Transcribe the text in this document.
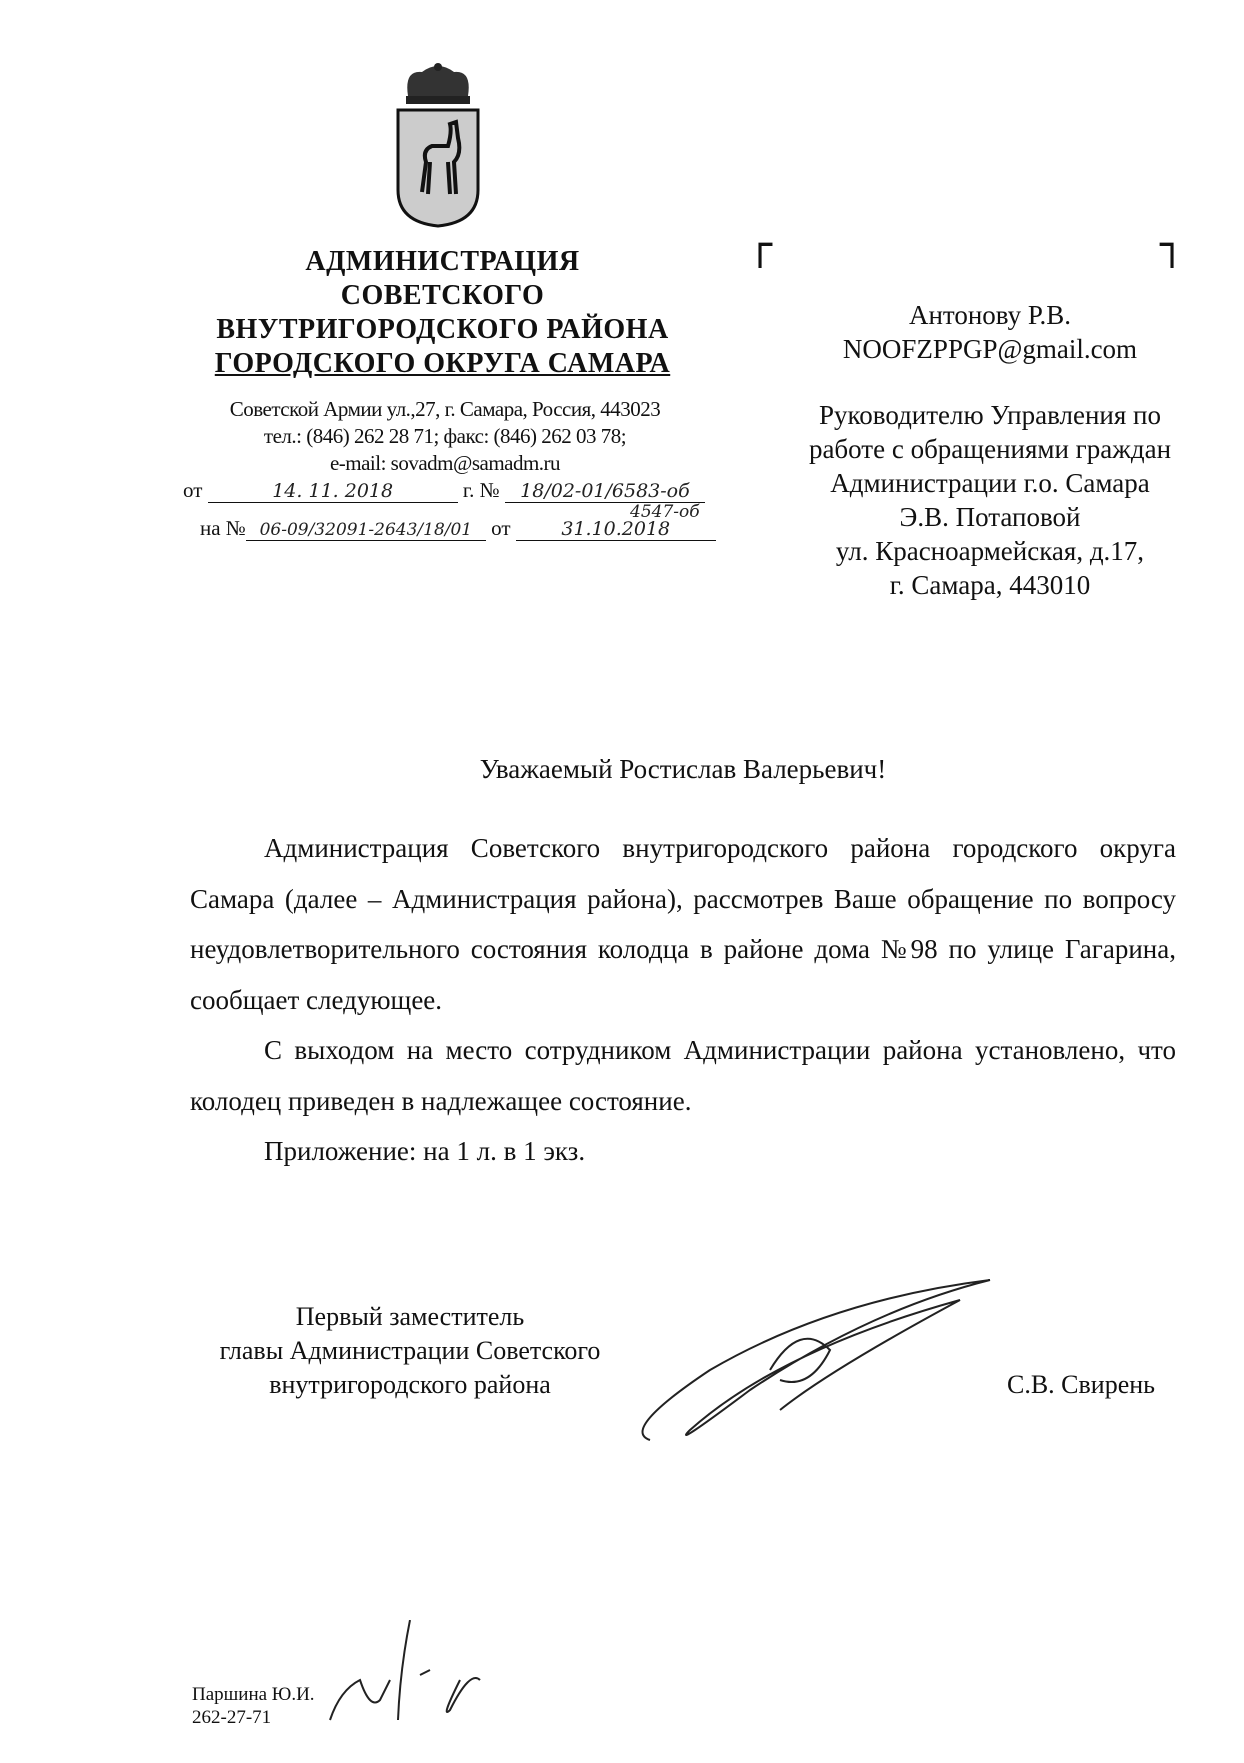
АДМИНИСТРАЦИЯ
СОВЕТСКОГО
ВНУТРИГОРОДСКОГО РАЙОНА
ГОРОДСКОГО ОКРУГА САМАРА
Советской Армии ул.,27, г. Самара, Россия, 443023
тел.: (846) 262 28 71; факс: (846) 262 03 78;
e-mail: sovadm@samadm.ru
от	14. 11. 2018	г. № 18/02-01/6583-об
4547-об
на № 06-09/32091-2643/18/01 от	31.10.2018
┌	┐
Антонову Р.В.
NOOFZPPGP@gmail.com
Руководителю Управления по
работе с обращениями граждан
Администрации г.о. Самара
Э.В. Потаповой
ул. Красноармейская, д.17,
г. Самара, 443010
Уважаемый Ростислав Валерьевич!

Администрация Советского внутригородского района городского округа Самара (далее – Администрация района), рассмотрев Ваше обращение по вопросу неудовлетворительного состояния колодца в районе дома №98 по улице Гагарина, сообщает следующее.

С выходом на место сотрудником Администрации района установлено, что колодец приведен в надлежащее состояние.

Приложение: на 1 л. в 1 экз.

Первый заместитель
главы Администрации Советского
внутригородского района	С.В. Свирень
Паршина Ю.И.
262-27-71
